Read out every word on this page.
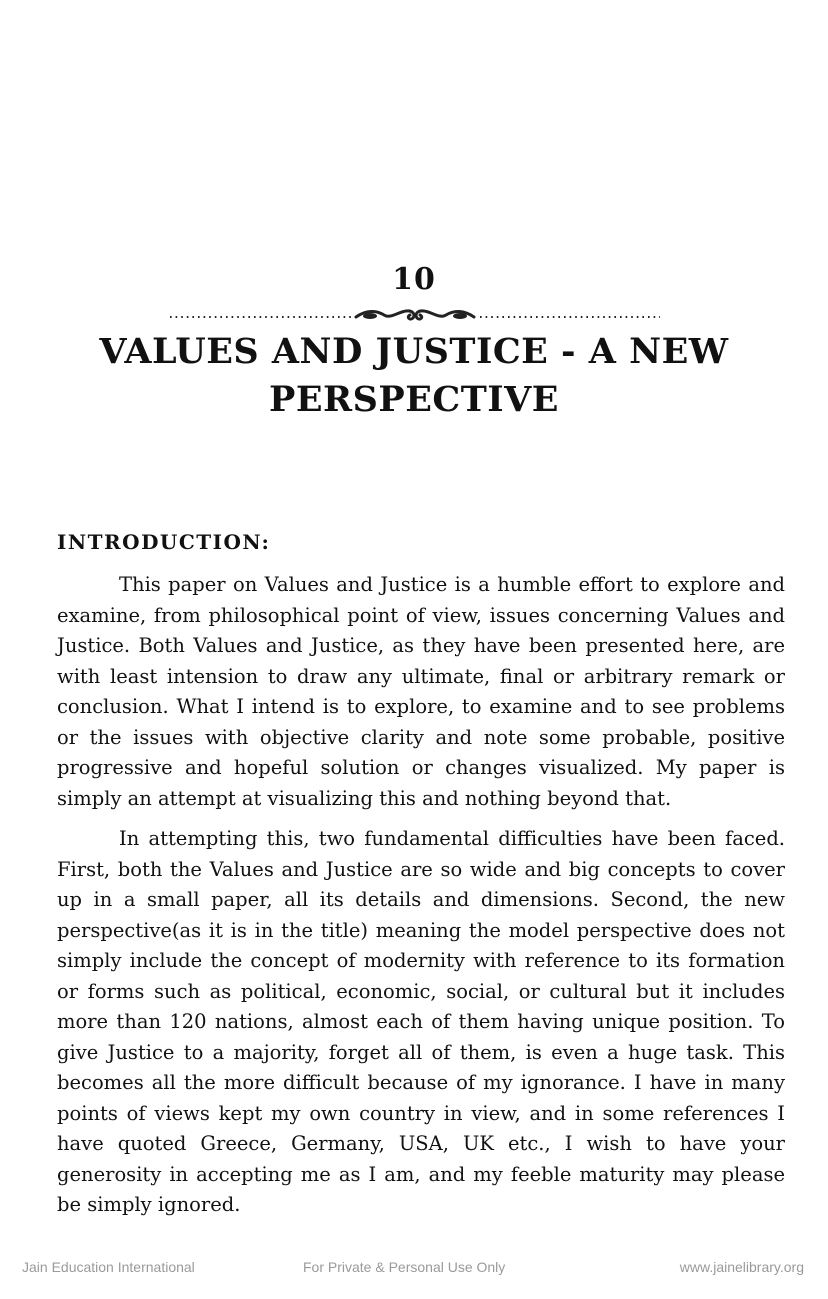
10
VALUES AND JUSTICE - A NEW PERSPECTIVE
INTRODUCTION:

This paper on Values and Justice is a humble effort to explore and examine, from philosophical point of view, issues concerning Values and Justice. Both Values and Justice, as they have been presented here, are with least intension to draw any ultimate, final or arbitrary remark or conclusion. What I intend is to explore, to examine and to see problems or the issues with objective clarity and note some probable, positive progressive and hopeful solution or changes visualized. My paper is simply an attempt at visualizing this and nothing beyond that.

In attempting this, two fundamental difficulties have been faced. First, both the Values and Justice are so wide and big concepts to cover up in a small paper, all its details and dimensions. Second, the new perspective(as it is in the title) meaning the model perspective does not simply include the concept of modernity with reference to its formation or forms such as political, economic, social, or cultural but it includes more than 120 nations, almost each of them having unique position. To give Justice to a majority, forget all of them, is even a huge task. This becomes all the more difficult because of my ignorance. I have in many points of views kept my own country in view, and in some references I have quoted Greece, Germany, USA, UK etc., I wish to have your generosity in accepting me as I am, and my feeble maturity may please be simply ignored.

Jain Education International	For Private & Personal Use Only	www.jainelibrary.org
